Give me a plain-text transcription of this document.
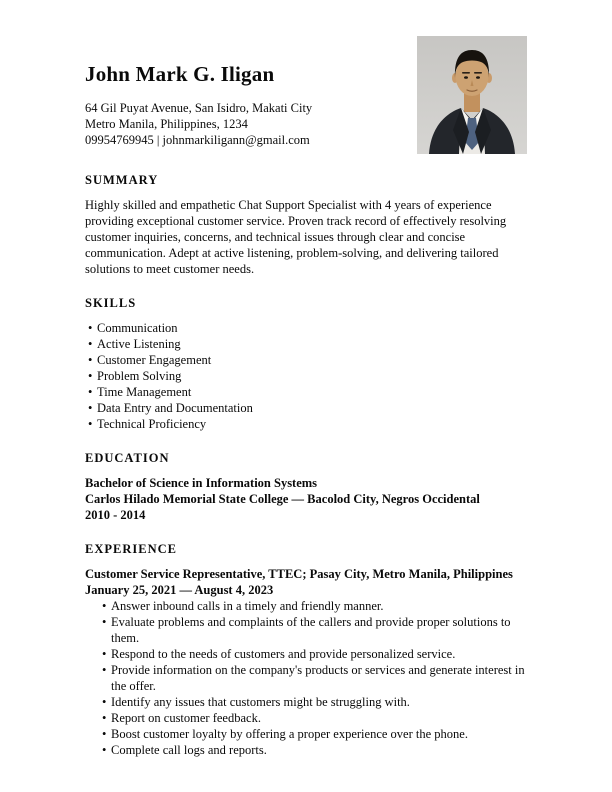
John Mark G. Iligan
64 Gil Puyat Avenue, San Isidro, Makati City
Metro Manila, Philippines, 1234
09954769945 | johnmarkiligann@gmail.com
SUMMARY

Highly skilled and empathetic Chat Support Specialist with 4 years of experience providing exceptional customer service. Proven track record of effectively resolving customer inquiries, concerns, and technical issues through clear and concise communication. Adept at active listening, problem-solving, and delivering tailored solutions to meet customer needs.

SKILLS
• Communication
• Active Listening
• Customer Engagement
• Problem Solving
• Time Management
• Data Entry and Documentation
• Technical Proficiency
EDUCATION
Bachelor of Science in Information Systems
Carlos Hilado Memorial State College — Bacolod City, Negros Occidental
2010 - 2014
EXPERIENCE
Customer Service Representative, TTEC; Pasay City, Metro Manila, Philippines
January 25, 2021 — August 4, 2023
• Answer inbound calls in a timely and friendly manner.
• Evaluate problems and complaints of the callers and provide proper solutions to them.
• Respond to the needs of customers and provide personalized service.
• Provide information on the company's products or services and generate interest in the offer.
• Identify any issues that customers might be struggling with.
• Report on customer feedback.
• Boost customer loyalty by offering a proper experience over the phone.
• Complete call logs and reports.
